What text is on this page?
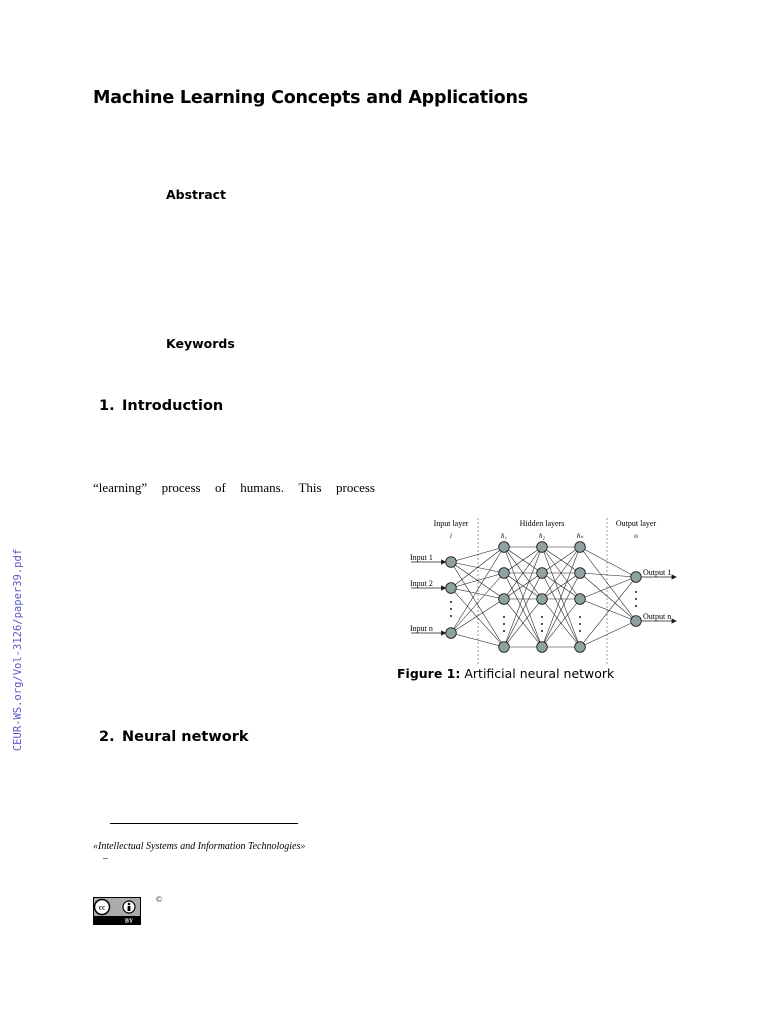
Machine Learning Concepts and Applications
Abstract
Keywords
1. Introduction
“learning” process of humans. This process
Input layer
i
Hidden layers
h₁	h₂	hₙ
Output layer
o
Input 1
Input 2
Input n
Output 1
Output n
Figure 1: Artificial neural network
2. Neural network
«Intellectual Systems and Information Technologies»
–
cc
BY
©
CEUR-WS.org/Vol-3126/paper39.pdf
